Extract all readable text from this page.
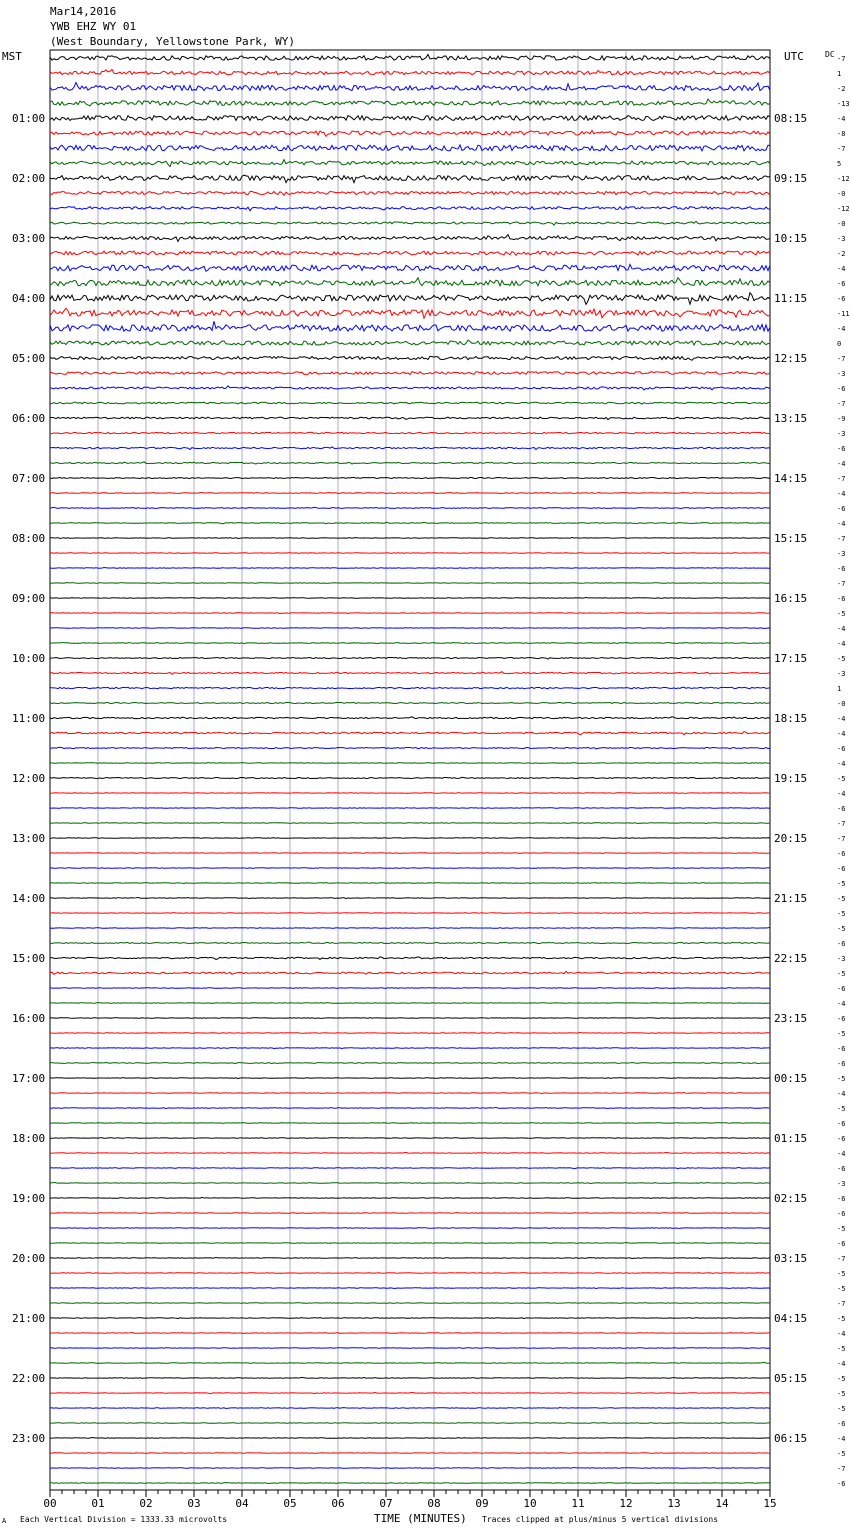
Mar14,2016
YWB EHZ WY 01
(West Boundary, Yellowstone Park, WY)
MST	UTC	DC -7
1
-2
-13
-4
-8
-7
5
-12
-0
-12
-0
-3
-2
-4
-6
-6
-11
-4
0
-7
-3
-6
-7
-9
-3
-6
-4
-7
-4
-6
-4
-7
-3
-6
-7
-6
-5
-4
-4
-5
-3
1
-0
-4
-4
-6
-4
-5
-4
-6
-7
-7
-6
-6
-5
-5
-5
-5
-6
-3
-5
-6
-4
-6
-5
-6
-6
-5
-4
-5
-6
-6
-4
-6
-3
-6
-6
-5
-6
-7
-5
-5
-7
-5
-4
-5
-4
-5
-5
-5
-6
-4
-5
-7
-6
01:00
02:00
03:00
04:00
05:00
06:00
07:00
08:00
09:00
10:00
11:00
12:00
13:00
14:00
15:00
16:00
17:00
18:00
19:00
20:00
21:00
22:00
23:00
08:15
09:15
10:15
11:15
12:15
13:15
14:15
15:15
16:15
17:15
18:15
19:15
20:15
21:15
22:15
23:15
00:15
01:15
02:15
03:15
04:15
05:15
06:15
00	01	02	03	04	05	06	07	08	09	10	11	12	13	14	15
A Each Vertical Division = 1333.33 microvolts	TIME (MINUTES) Traces clipped at plus/minus 5 vertical divisions
